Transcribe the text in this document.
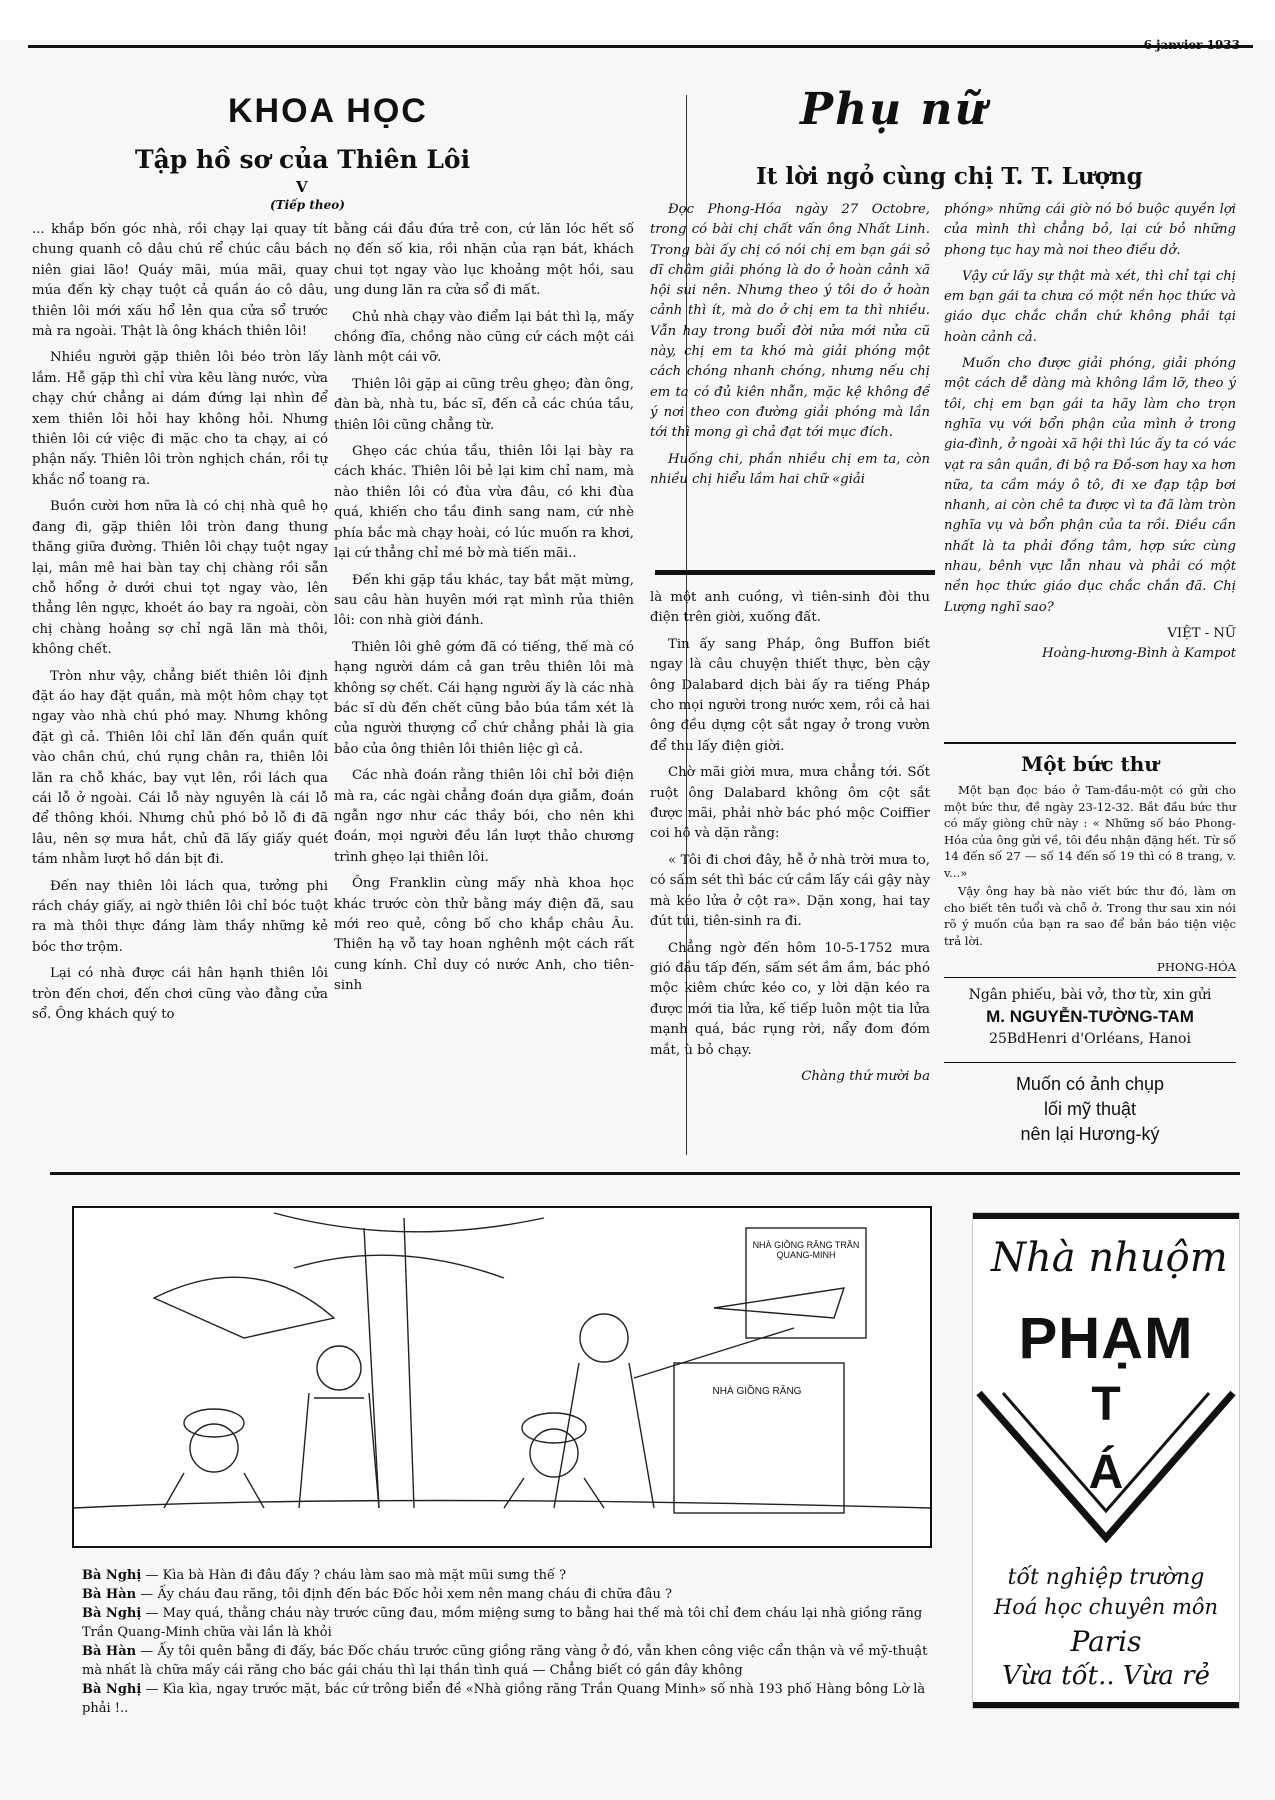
KHOA HỌC
Tập hồ sơ của Thiên Lôi
V
(Tiếp theo)

... khắp bốn góc nhà, rồi chạy lại quay tít chung quanh cô dâu chú rể chúc câu bách niên giai lão! Quáy mãi, múa mãi, quay múa đến kỳ chạy tuột cả quần áo cô dâu, thiên lôi mới xấu hổ lẻn qua cửa sổ trước mà ra ngoài. Thật là ông khách thiên lôi!

Nhiều người gặp thiên lôi béo tròn lấy lắm. Hễ gặp thì chỉ vừa kêu làng nước, vừa chạy chứ chẳng ai dám đứng lại nhìn để xem thiên lôi hỏi hay không hỏi. Nhưng thiên lôi cứ việc đi mặc cho ta chạy, ai có phận nấy. Thiên lôi tròn nghịch chán, rồi tự khắc nổ toang ra.

Buồn cười hơn nữa là có chị nhà quê họ đang đi, gặp thiên lôi tròn đang thung thăng giữa đường. Thiên lôi chạy tuột ngay lại, mân mê hai bàn tay chị chàng rồi sẵn chỗ hổng ở dưới chui tọt ngay vào, lên thẳng lên ngực, khoét áo bay ra ngoài, còn chị chàng hoảng sợ chỉ ngã lăn mà thôi, không chết.

Tròn như vậy, chẳng biết thiên lôi định đặt áo hay đặt quần, mà một hôm chạy tọt ngay vào nhà chú phó may. Nhưng không đặt gì cả. Thiên lôi chỉ lăn đến quần quít vào chân chú, chú rụng chân ra, thiên lôi lăn ra chỗ khác, bay vụt lên, rồi lách qua cái lỗ ở ngoài. Cái lỗ này nguyên là cái lỗ để thông khói. Nhưng chủ phó bỏ lỗ đi đã lâu, nên sợ mưa hắt, chủ đã lấy giấy quét tám nhằm lượt hồ dán bịt đi.

Đến nay thiên lôi lách qua, tưởng phi rách cháy giấy, ai ngờ thiên lôi chỉ bóc tuột ra mà thôi thực đáng làm thầy những kẻ bóc thơ trộm.

Lại có nhà được cái hân hạnh thiên lôi tròn đến chơi, đến chơi cũng vào đằng cửa sổ. Ông khách quý to

bằng cái đầu đứa trẻ con, cứ lăn lóc hết số nọ đến số kia, rồi nhặn của rạn bát, khách chui tọt ngay vào lục khoảng một hồi, sau ung dung lăn ra cửa sổ đi mất.

Chủ nhà chạy vào điểm lại bát thì lạ, mấy chồng đĩa, chồng nào cũng cứ cách một cái lành một cái vỡ.

Thiên lôi gặp ai cũng trêu ghẹo; đàn ông, đàn bà, nhà tu, bác sĩ, đến cả các chúa tầu, thiên lôi cũng chẳng từ.

Ghẹo các chúa tầu, thiên lôi lại bày ra cách khác. Thiên lôi bẻ lại kim chỉ nam, mà nào thiên lôi có đùa vừa đâu, có khi đùa quá, khiến cho tầu đinh sang nam, cứ nhè phía bắc mà chạy hoài, có lúc muốn ra khơi, lại cứ thẳng chỉ mé bờ mà tiến mãi..

Đến khi gặp tầu khác, tay bắt mặt mừng, sau câu hàn huyên mới rạt mình rủa thiên lôi: con nhà giời đánh.

Thiên lôi ghê gớm đã có tiếng, thế mà có hạng người dám cả gan trêu thiên lôi mà không sợ chết. Cái hạng người ấy là các nhà bác sĩ dù đến chết cũng bảo búa tầm xét là của người thượng cổ chứ chẳng phải là gia bảo của ông thiên lôi thiên liệc gì cả.

Các nhà đoán rằng thiên lôi chỉ bởi điện mà ra, các ngài chẳng đoán dựa giẫm, đoán ngẫn ngơ như các thầy bói, cho nên khi đoán, mọi người đều lần lượt thảo chương trình ghẹo lại thiên lôi.

Ông Franklin cùng mấy nhà khoa học khác trước còn thử bằng máy điện đã, sau mới reo quẻ, công bố cho khắp châu Âu. Thiên hạ vỗ tay hoan nghênh một cách rất cung kính. Chỉ duy có nước Anh, cho tiên-sinh

Phụ nữ
It lời ngỏ cùng chị T. T. Lượng

Đọc Phong-Hóa ngày 27 Octobre, trong có bài chị chất vấn ông Nhất Linh. Trong bài ấy chị có nói chị em bạn gái sở dĩ chậm giải phóng là do ở hoàn cảnh xã hội sui nên. Nhưng theo ý tôi do ở hoàn cảnh thì ít, mà do ở chị em ta thì nhiều. Vẫn hay trong buổi đời nửa mới nửa cũ này, chị em ta khó mà giải phóng một cách chóng nhanh chóng, nhưng nếu chị em ta có đủ kiên nhẫn, mặc kệ không để ý nơi theo con đường giải phóng mà lần tới thì mong gì chả đạt tới mục đích.

Huống chi, phần nhiều chị em ta, còn nhiều chị hiểu lầm hai chữ «giải

là một anh cuồng, vì tiên-sinh đòi thu điện trên giời, xuống đất.

Tin ấy sang Pháp, ông Buffon biết ngay là câu chuyện thiết thực, bèn cậy ông Dalabard dịch bài ấy ra tiếng Pháp cho mọi người trong nước xem, rồi cả hai ông đều dựng cột sắt ngay ở trong vườn để thu lấy điện giời.

Chờ mãi giời mưa, mưa chẳng tới. Sốt ruột ông Dalabard không ôm cột sắt được mãi, phải nhờ bác phó mộc Coiffier coi hộ và dặn rằng:

« Tôi đi chơi đây, hễ ở nhà trời mưa to, có sấm sét thì bác cứ cầm lấy cái gậy này mà kéo lửa ở cột ra». Dặn xong, hai tay đút túi, tiên-sinh ra đi.

Chẳng ngờ đến hôm 10-5-1752 mưa gió đầu tấp đến, sấm sét ầm ầm, bác phó mộc kiêm chức kéo co, y lời dặn kéo ra được mới tia lửa, kế tiếp luôn một tia lửa mạnh quá, bác rụng rời, nẩy đom đóm mắt, ù bỏ chạy.

Chàng thứ mười ba

phóng» những cái giờ nó bó buộc quyền lợi của mình thì chẳng bỏ, lại cứ bỏ những phong tục hay mà noi theo điều dở.

Vậy cứ lấy sự thật mà xét, thì chỉ tại chị em bạn gái ta chưa có một nền học thức và giáo dục chắc chắn chứ không phải tại hoàn cảnh cả.

Muốn cho được giải phóng, giải phóng một cách dễ dàng mà không lầm lỡ, theo ý tôi, chị em bạn gái ta hãy làm cho trọn nghĩa vụ với bổn phận của mình ở trong gia-đình, ở ngoài xã hội thì lúc ấy ta có vác vạt ra sân quần, đi bộ ra Đồ-sơn hay xa hơn nữa, ta cầm máy ô tô, đi xe đạp tập bơi nhanh, ai còn chê ta được vì ta đã làm tròn nghĩa vụ và bổn phận của ta rồi. Điều cần nhất là ta phải đồng tâm, hợp sức cùng nhau, bênh vực lẫn nhau và phải có một nền học thức giáo dục chắc chắn đã. Chị Lượng nghĩ sao?

VIỆT - NỮ

Hoàng-hương-Bình à Kampot

Một bức thư
Một bạn đọc báo ở Tam-đầu-một có gửi cho một bức thư, đề ngày 23-12-32. Bắt đầu bức thư có mấy giòng chữ này : « Những số báo Phong-Hóa của ông gửi về, tôi đều nhận đặng hết. Từ số 14 đến số 27 — số 14 đến số 19 thì có 8 trang, v. v...»
Vậy ông hay bà nào viết bức thư đó, làm ơn cho biết tên tuổi và chỗ ở. Trong thư sau xin nói rõ ý muốn của bạn ra sao để bản báo tiện việc trả lời.
PHONG-HÓA
Ngân phiếu, bài vở, thơ từ, xin gửi
M. NGUYỄN-TƯỜNG-TAM
25BdHenri d'Orléans, Hanoi
Muốn có ảnh chụp
lối mỹ thuật
nên lại Hương-ký
NHÀ GIỒNG RĂNG TRẦN QUANG-MINH
NHÀ GIỒNG RĂNG

Bà Nghị — Kìa bà Hàn đi đâu đấy ? cháu làm sao mà mặt mũi sưng thế ?

Bà Hàn — Ấy cháu đau răng, tôi định đến bác Đốc hỏi xem nên mang cháu đi chữa đâu ?

Bà Nghị — May quá, thằng cháu này trước cũng đau, mồm miệng sưng to bằng hai thế mà tôi chỉ đem cháu lại nhà giồng răng Trần Quang-Minh chữa vài lần là khỏi

Bà Hàn — Ấy tôi quên bẵng đi đấy, bác Đốc cháu trước cũng giồng răng vàng ở đó, vẫn khen công việc cẩn thận và về mỹ-thuật mà nhất là chữa mấy cái răng cho bác gái cháu thì lại thần tình quá — Chẳng biết có gần đây không

Bà Nghị — Kìa kìa, ngay trước mặt, bác cứ trông biển đề «Nhà giồng răng Trần Quang Minh» số nhà 193 phố Hàng bông Lờ là phải !..

Nhà nhuộm
PHẠM
T
Á
tốt nghiệp trường
Hoá học chuyên môn
Paris
Vừa tốt.. Vừa rẻ
